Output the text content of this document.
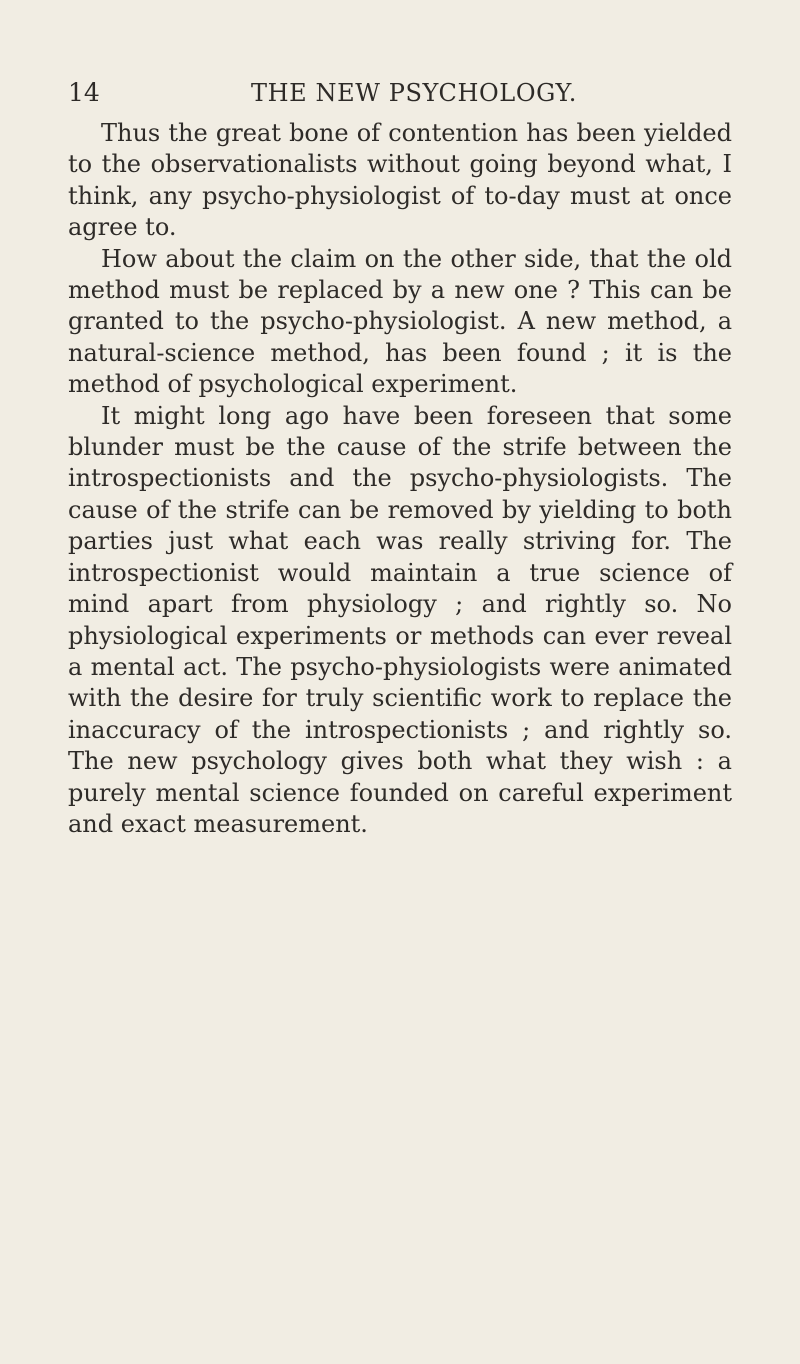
14	THE NEW PSYCHOLOGY.

Thus the great bone of contention has been yielded to the observationalists without going beyond what, I think, any psycho-physiologist of to-day must at once agree to.

How about the claim on the other side, that the old method must be replaced by a new one ? This can be granted to the psycho-physiologist. A new method, a natural-science method, has been found ; it is the method of psychological experiment.

It might long ago have been foreseen that some blunder must be the cause of the strife between the introspectionists and the psycho-physiologists. The cause of the strife can be removed by yielding to both parties just what each was really striving for. The introspectionist would maintain a true science of mind apart from physiology ; and rightly so. No physiological experiments or methods can ever reveal a mental act. The psycho-physiologists were animated with the desire for truly scientific work to replace the inaccuracy of the introspectionists ; and rightly so. The new psychology gives both what they wish : a purely mental science founded on careful experiment and exact measurement.
